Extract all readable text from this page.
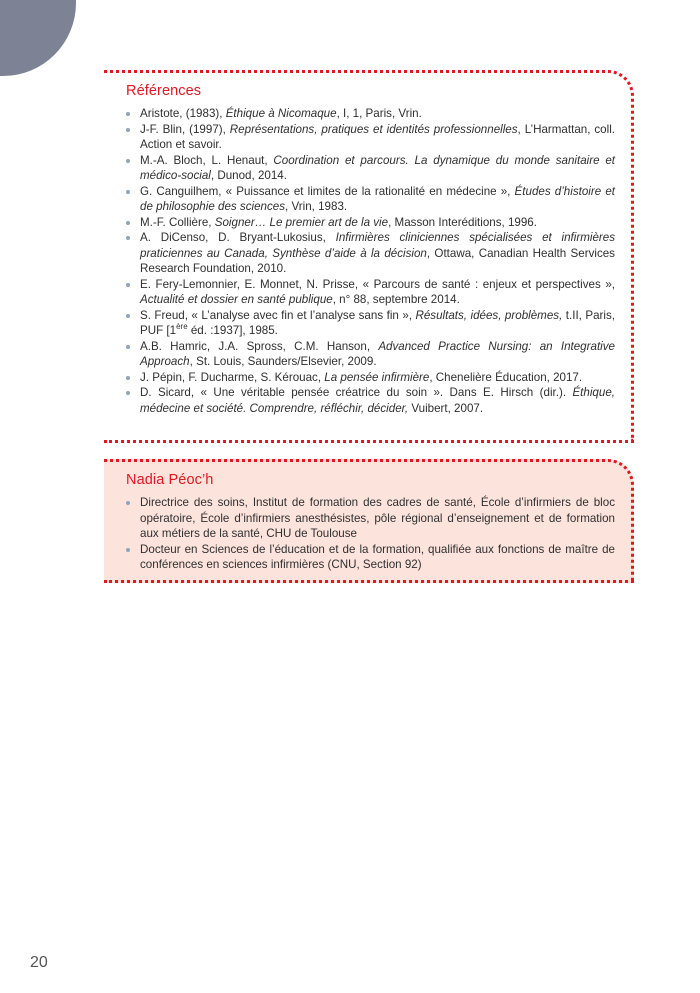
Références
Aristote, (1983), Éthique à Nicomaque, I, 1, Paris, Vrin.
J-F. Blin, (1997), Représentations, pratiques et identités professionnelles, L’Harmattan, coll. Action et savoir.
M.-A. Bloch, L. Henaut, Coordination et parcours. La dynamique du monde sanitaire et médico-social, Dunod, 2014.
G. Canguilhem, « Puissance et limites de la rationalité en médecine », Études d’histoire et de philosophie des sciences, Vrin, 1983.
M.-F. Collière, Soigner… Le premier art de la vie, Masson Interéditions, 1996.
A. DiCenso, D. Bryant-Lukosius, Infirmières cliniciennes spécialisées et infirmières praticiennes au Canada, Synthèse d’aide à la décision, Ottawa, Canadian Health Services Research Foundation, 2010.
E. Fery-Lemonnier, E. Monnet, N. Prisse, « Parcours de santé : enjeux et perspectives », Actualité et dossier en santé publique, n° 88, septembre 2014.
S. Freud, « L’analyse avec fin et l’analyse sans fin », Résultats, idées, problèmes, t.II, Paris, PUF [1ère éd. :1937], 1985.
A.B. Hamric, J.A. Spross, C.M. Hanson, Advanced Practice Nursing: an Integrative Approach, St. Louis, Saunders/Elsevier, 2009.
J. Pépin, F. Ducharme, S. Kérouac, La pensée infirmière, Chenelière Éducation, 2017.
D. Sicard, « Une véritable pensée créatrice du soin ». Dans E. Hirsch (dir.). Éthique, médecine et société. Comprendre, réfléchir, décider, Vuibert, 2007.
Nadia Péoc’h
Directrice des soins, Institut de formation des cadres de santé, École d’infirmiers de bloc opératoire, École d’infirmiers anesthésistes, pôle régional d’enseignement et de formation aux métiers de la santé, CHU de Toulouse
Docteur en Sciences de l’éducation et de la formation, qualifiée aux fonctions de maître de conférences en sciences infirmières (CNU, Section 92)
20
